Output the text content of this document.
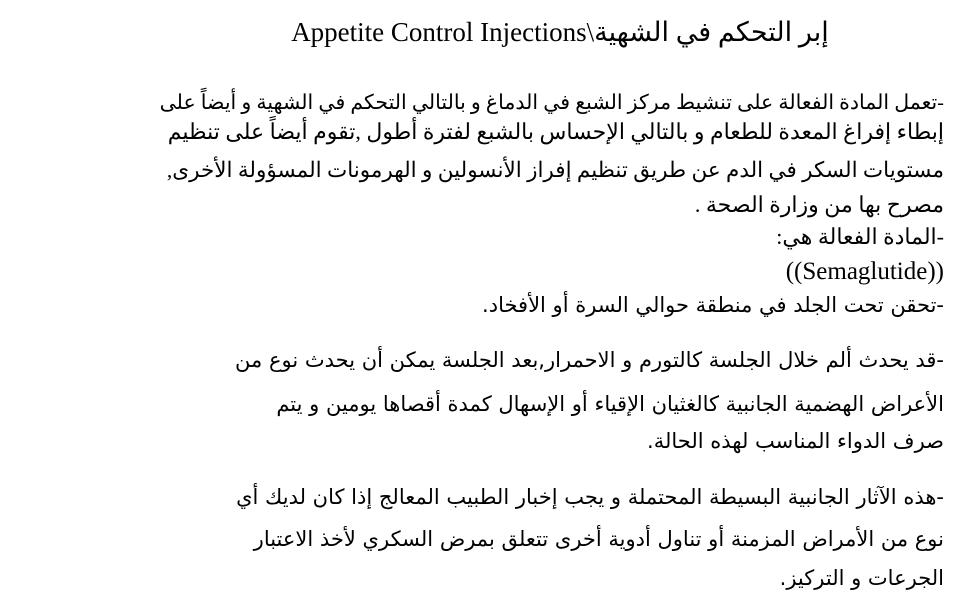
Appetite Control Injections\إبر التحكم في الشهية
-تعمل المادة الفعالة على تنشيط مركز الشبع في الدماغ و بالتالي التحكم في الشهية و أيضاً على
إبطاء إفراغ المعدة للطعام و بالتالي الإحساس بالشبع لفترة أطول ,تقوم أيضاً على تنظيم
مستويات السكر في الدم عن طريق تنظيم إفراز الأنسولين و الهرمونات المسؤولة الأخرى,
مصرح بها من وزارة الصحة .
-المادة الفعالة هي:
((Semaglutide))
-تحقن تحت الجلد في منطقة حوالي السرة أو الأفخاد.
-قد يحدث ألم خلال الجلسة كالتورم و الاحمرار,بعد الجلسة يمكن أن يحدث نوع من
الأعراض الهضمية الجانبية كالغثيان الإقياء أو الإسهال كمدة أقصاها يومين و يتم
صرف الدواء المناسب لهذه الحالة.
-هذه الآثار الجانبية البسيطة المحتملة و يجب إخبار الطبيب المعالج إذا كان لديك أي
نوع من الأمراض المزمنة أو تناول أدوية أخرى تتعلق بمرض السكري لأخذ الاعتبار
الجرعات و التركيز.
